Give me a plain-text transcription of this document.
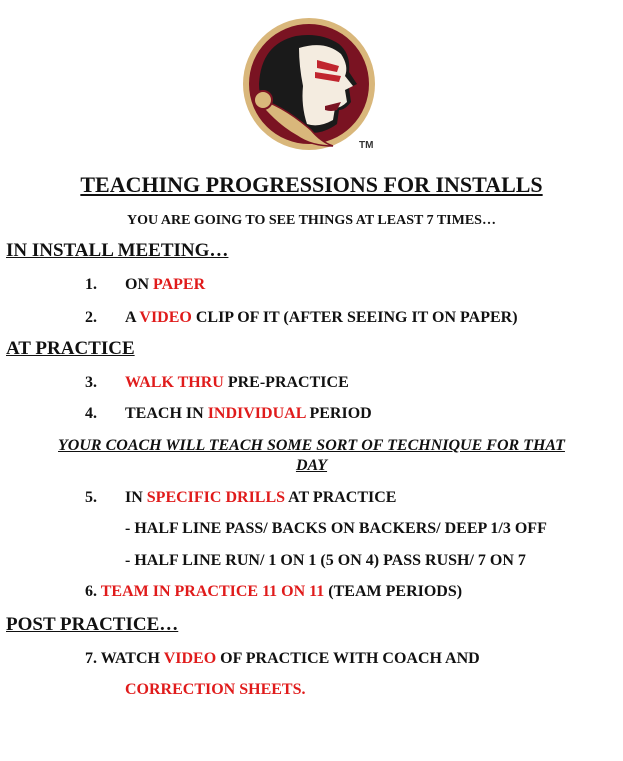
TM
TEACHING PROGRESSIONS FOR INSTALLS
YOU ARE GOING TO SEE THINGS AT LEAST 7 TIMES…
IN INSTALL MEETING…
1. ON PAPER
2. A VIDEO CLIP OF IT (AFTER SEEING IT ON PAPER)
AT PRACTICE
3. WALK THRU PRE-PRACTICE
4. TEACH IN INDIVIDUAL PERIOD
YOUR COACH WILL TEACH SOME SORT OF TECHNIQUE FOR THAT
DAY
5. IN SPECIFIC DRILLS AT PRACTICE
- HALF LINE PASS/ BACKS ON BACKERS/ DEEP 1/3 OFF
- HALF LINE RUN/ 1 ON 1 (5 ON 4) PASS RUSH/ 7 ON 7
6. TEAM IN PRACTICE 11 ON 11 (TEAM PERIODS)
POST PRACTICE…
7. WATCH VIDEO OF PRACTICE WITH COACH AND
CORRECTION SHEETS.
